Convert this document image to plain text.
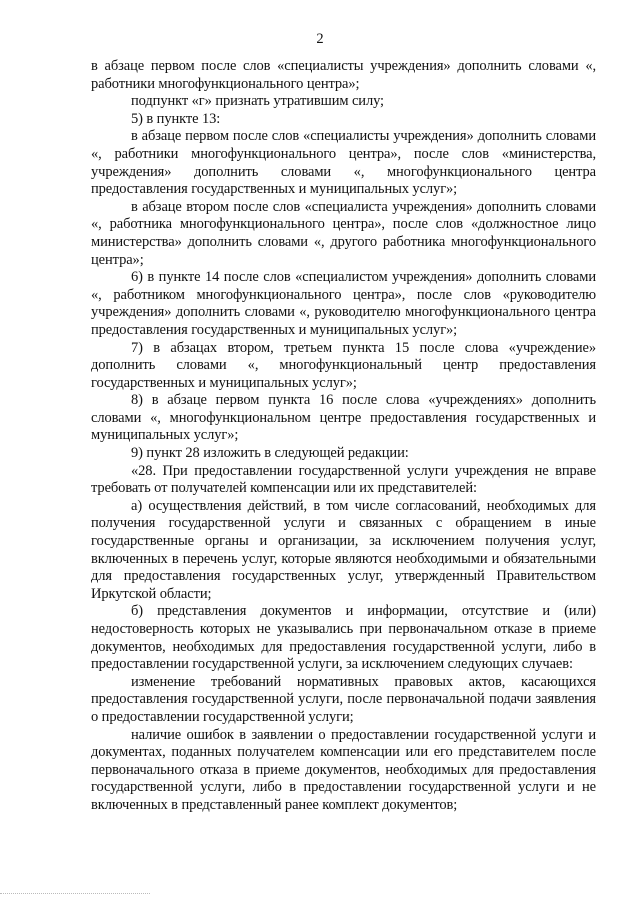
2

в абзаце первом после слов «специалисты учреждения» дополнить словами «, работники многофункционального центра»;

подпункт «г» признать утратившим силу;

5) в пункте 13:

в абзаце первом после слов «специалисты учреждения» дополнить словами «, работники многофункционального центра», после слов «министерства, учреждения» дополнить словами «, многофункционального центра предоставления государственных и муниципальных услуг»;

в абзаце втором после слов «специалиста учреждения» дополнить словами «, работника многофункционального центра», после слов «должностное лицо министерства» дополнить словами «, другого работника многофункционального центра»;

6) в пункте 14 после слов «специалистом учреждения» дополнить словами «, работником многофункционального центра», после слов «руководителю учреждения» дополнить словами «, руководителю многофункционального центра предоставления государственных и муниципальных услуг»;

7) в абзацах втором, третьем пункта 15 после слова «учреждение» дополнить словами «, многофункциональный центр предоставления государственных и муниципальных услуг»;

8) в абзаце первом пункта 16 после слова «учреждениях» дополнить словами «, многофункциональном центре предоставления государственных и муниципальных услуг»;

9) пункт 28 изложить в следующей редакции:

«28. При предоставлении государственной услуги учреждения не вправе требовать от получателей компенсации или их представителей:

а) осуществления действий, в том числе согласований, необходимых для получения государственной услуги и связанных с обращением в иные государственные органы и организации, за исключением получения услуг, включенных в перечень услуг, которые являются необходимыми и обязательными для предоставления государственных услуг, утвержденный Правительством Иркутской области;

б) представления документов и информации, отсутствие и (или) недостоверность которых не указывались при первоначальном отказе в приеме документов, необходимых для предоставления государственной услуги, либо в предоставлении государственной услуги, за исключением следующих случаев:

изменение требований нормативных правовых актов, касающихся предоставления государственной услуги, после первоначальной подачи заявления о предоставлении государственной услуги;

наличие ошибок в заявлении о предоставлении государственной услуги и документах, поданных получателем компенсации или его представителем после первоначального отказа в приеме документов, необходимых для предоставления государственной услуги, либо в предоставлении государственной услуги и не включенных в представленный ранее комплект документов;
